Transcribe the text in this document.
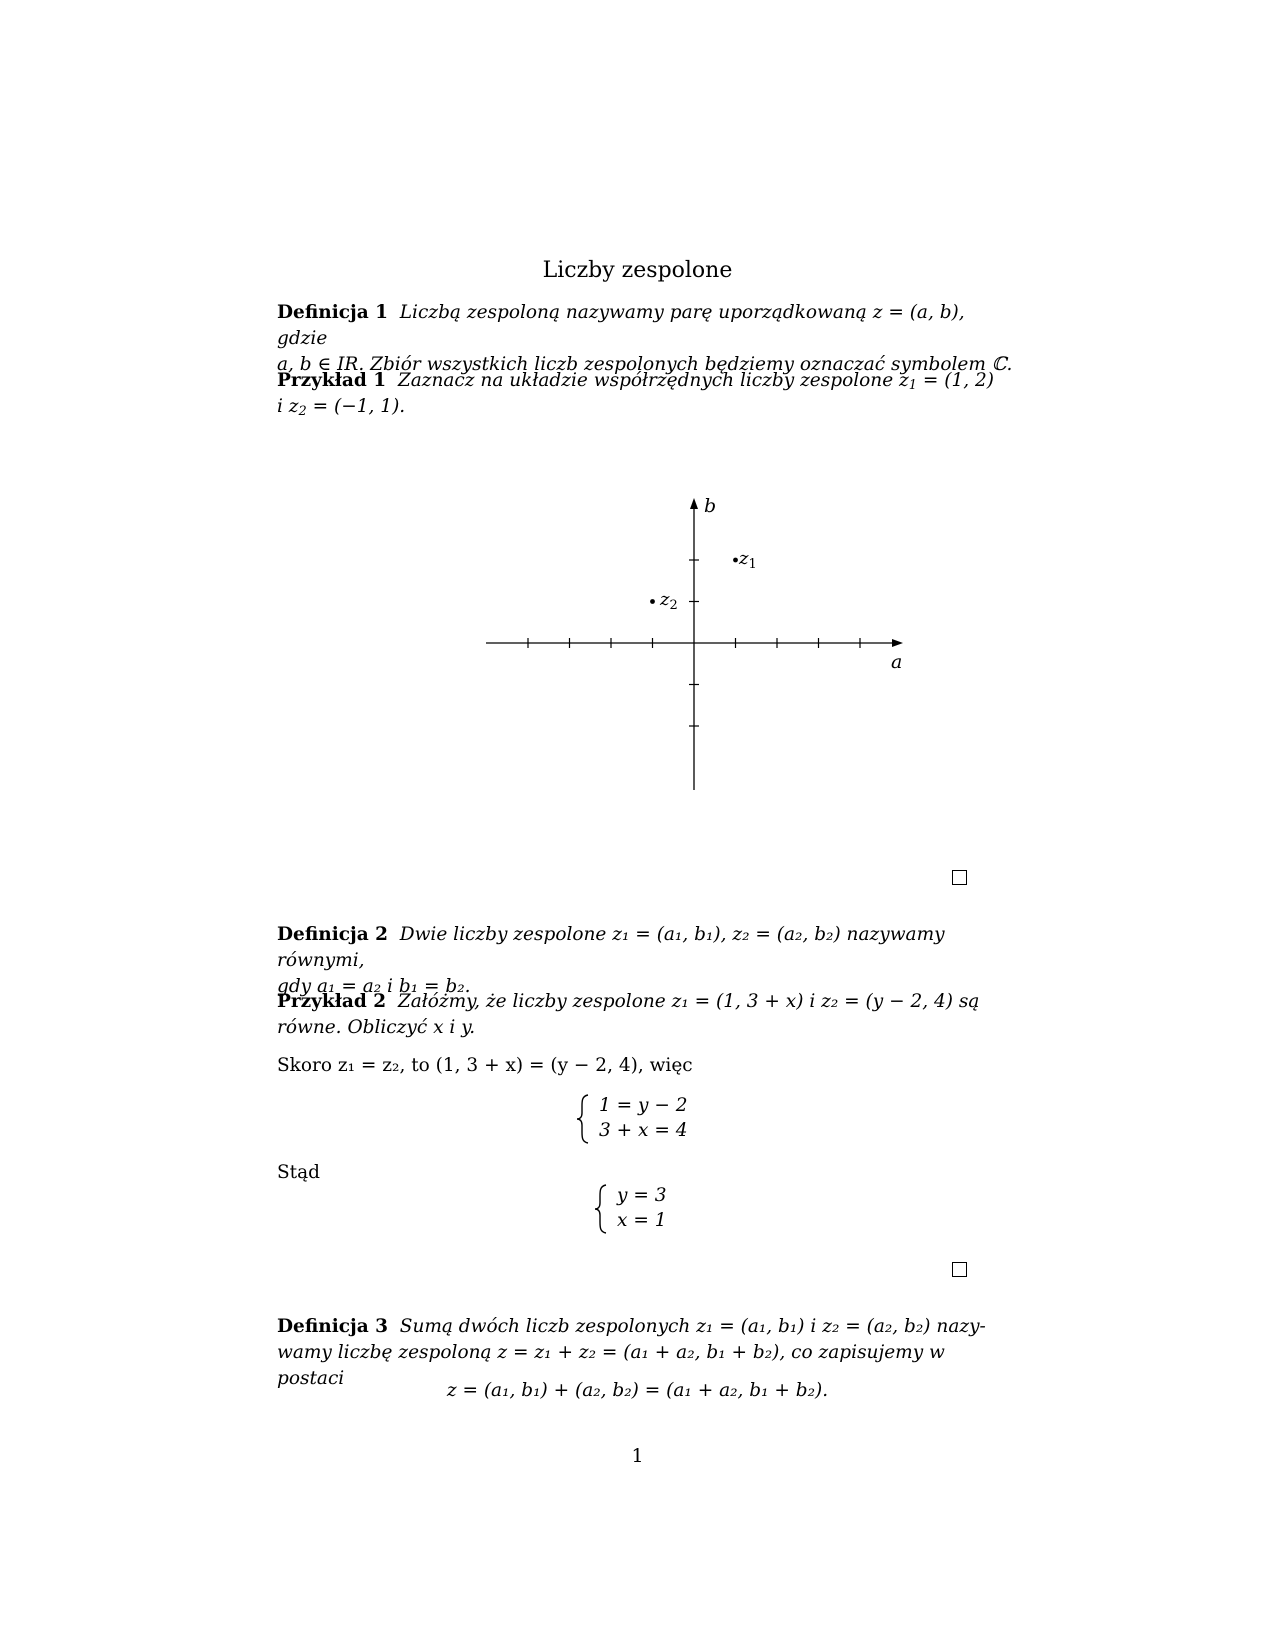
Liczby zespolone
Definicja 1 Liczbą zespoloną nazywamy parę uporządkowaną z = (a, b), gdzie
a, b ∈ IR. Zbiór wszystkich liczb zespolonych będziemy oznaczać symbolem ℂ.
Przykład 1 Zaznacz na układzie współrzędnych liczby zespolone $z_1 = (1$, 2)
i $z_2 = (-1$, 1).
a
b
$z_1$
$z_2$
Definicja 2 Dwie liczby zespolone z₁ = (a₁, b₁), z₂ = (a₂, b₂) nazywamy równymi,
gdy a₁ = a₂ i b₁ = b₂.
Przykład 2 Załóżmy, że liczby zespolone z₁ = (1, 3 + x) i z₂ = (y − 2, 4) są
równe. Obliczyć x i y.
Skoro z₁ = z₂, to (1, 3 + x) = (y − 2, 4), więc
1 = y − 2
3 + x = 4
Stąd
y = 3
x = 1
Definicja 3 Sumą dwóch liczb zespolonych z₁ = (a₁, b₁) i z₂ = (a₂, b₂) nazy-
wamy liczbę zespoloną z = z₁ + z₂ = (a₁ + a₂, b₁ + b₂), co zapisujemy w postaci
z = (a₁, b₁) + (a₂, b₂) = (a₁ + a₂, b₁ + b₂).
1
